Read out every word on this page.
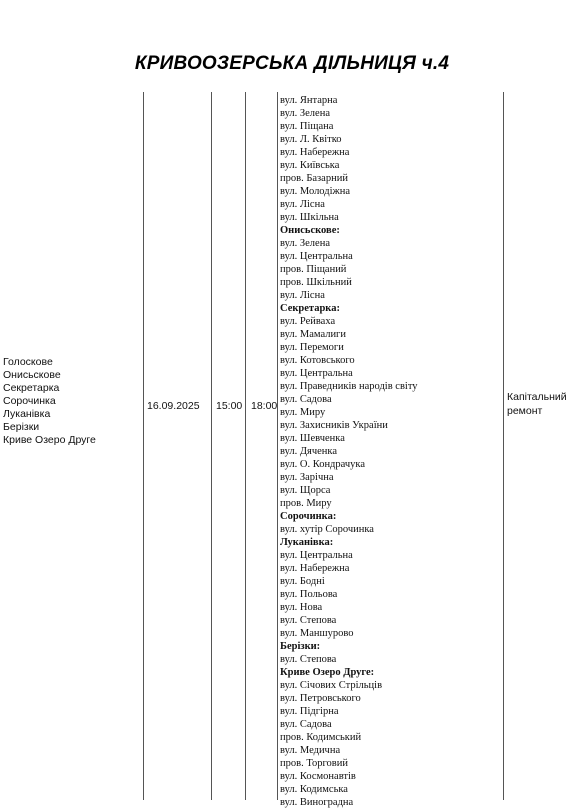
КРИВООЗЕРСЬКА ДІЛЬНИЦЯ ч.4
Голоскове
Онисьскове
Секретарка
Сорочинка
Луканівка
Берізки
Криве Озеро Друге
16.09.2025 15:00 18:00
Капітальний
ремонт
вул. Янтарна
вул. Зелена
вул. Піщана
вул. Л. Квітко
вул. Набережна
вул. Київська
пров. Базарний
вул. Молодіжна
вул. Лісна
вул. Шкільна
Онисьскове:
вул. Зелена
вул. Центральна
пров. Піщаний
пров. Шкільний
вул. Лісна
Секретарка:
вул. Рейваха
вул. Мамалиги
вул. Перемоги
вул. Котовського
вул. Центральна
вул. Праведників народів світу
вул. Садова
вул. Миру
вул. Захисників України
вул. Шевченка
вул. Дяченка
вул. О. Кондрачука
вул. Зарічна
вул. Щорса
пров. Миру
Сорочинка:
вул. хутір Сорочинка
Луканівка:
вул. Центральна
вул. Набережна
вул. Бодні
вул. Польова
вул. Нова
вул. Степова
вул. Маншурово
Берізки:
вул. Степова
Криве Озеро Друге:
вул. Січових Стрільців
вул. Петровського
вул. Підгірна
вул. Садова
пров. Кодимський
вул. Медична
пров. Торговий
вул. Космонавтів
вул. Кодимська
вул. Виноградна
